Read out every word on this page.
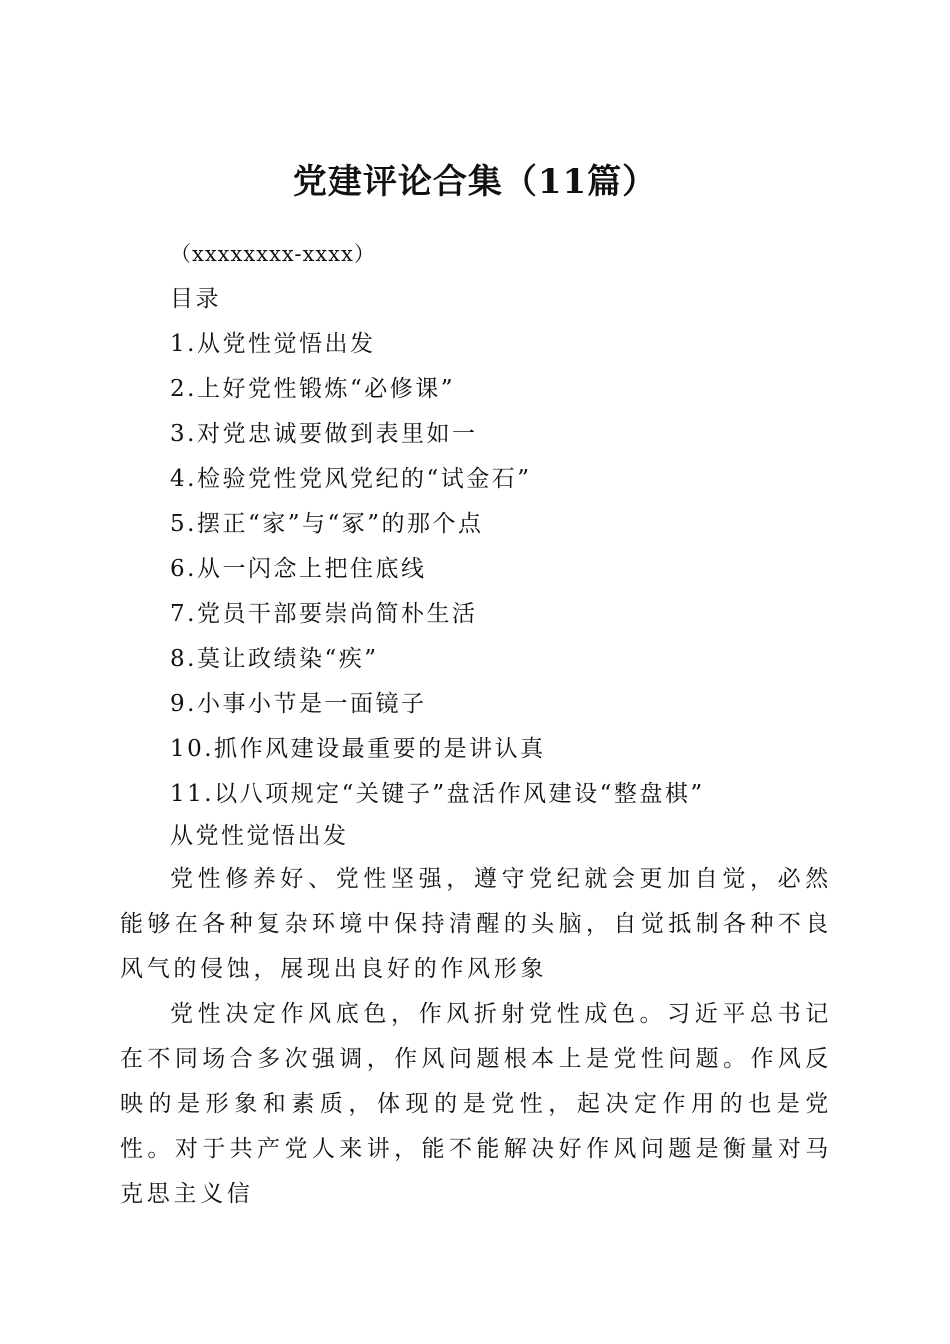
党建评论合集（11篇）
（xxxxxxxx-xxxx）
目录
1.从党性觉悟出发
2.上好党性锻炼“必修课”
3.对党忠诚要做到表里如一
4.检验党性党风党纪的“试金石”
5.摆正“家”与“冢”的那个点
6.从一闪念上把住底线
7.党员干部要崇尚简朴生活
8.莫让政绩染“疾”
9.小事小节是一面镜子
10.抓作风建设最重要的是讲认真
11.以八项规定“关键子”盘活作风建设“整盘棋”
从党性觉悟出发

党性修养好、党性坚强，遵守党纪就会更加自觉，必然能够在各种复杂环境中保持清醒的头脑，自觉抵制各种不良风气的侵蚀，展现出良好的作风形象

党性决定作风底色，作风折射党性成色。习近平总书记在不同场合多次强调，作风问题根本上是党性问题。作风反映的是形象和素质，体现的是党性，起决定作用的也是党性。对于共产党人来讲，能不能解决好作风问题是衡量对马克思主义信
